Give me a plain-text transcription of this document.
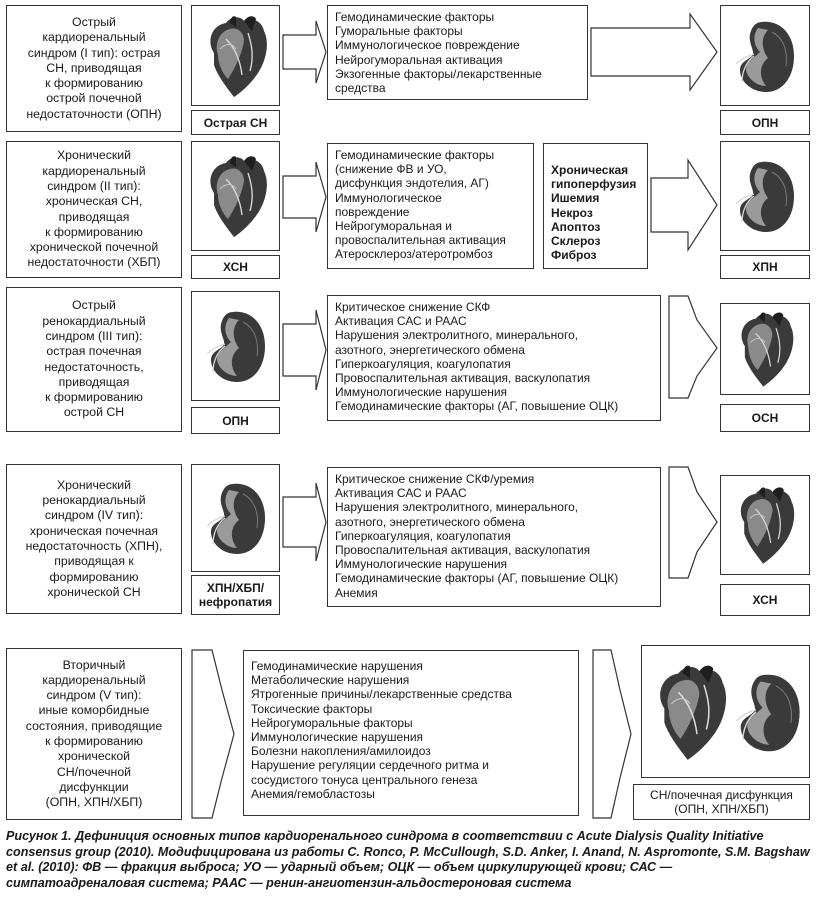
Острый
кардиоренальный
синдром (I тип): острая
СН, приводящая
к формированию
острой почечной
недостаточности (ОПН)
Острая СН
Гемодинамические факторы
Гуморальные факторы
Иммунологическое повреждение
Нейрогуморальная активация
Экзогенные факторы/лекарственные
средства
ОПН
Хронический
кардиоренальный
синдром (II тип):
хроническая СН,
приводящая
к формированию
хронической почечной
недостаточности (ХБП)	ХСН
Гемодинамические факторы
(снижение ФВ и УО,
дисфункция эндотелия, АГ)
Иммунологическое
повреждение
Нейрогуморальная и
провоспалительная активация
Атеросклероз/атеротромбоз
Хроническая
гипоперфузия
Ишемия
Некроз
Апоптоз
Склероз
Фиброз
ХПН
Острый
ренокардиальный
синдром (III тип):
острая почечная
недостаточность,
приводящая
к формированию
острой СН
ОПН
Критическое снижение СКФ
Активация САС и РААС
Нарушения электролитного, минерального,
азотного, энергетического обмена
Гиперкоагуляция, коагулопатия
Провоспалительная активация, васкулопатия
Иммунологические нарушения
Гемодинамические факторы (АГ, повышение ОЦК)
ОСН
Хронический
ренокардиальный
синдром (IV тип):
хроническая почечная
недостаточность (ХПН),
приводящая к
формированию
хронической СН	ХПН/ХБП/
нефропатия
Критическое снижение СКФ/уремия
Активация САС и РААС
Нарушения электролитного, минерального,
азотного, энергетического обмена
Гиперкоагуляция, коагулопатия
Провоспалительная активация, васкулопатия
Иммунологические нарушения
Гемодинамические факторы (АГ, повышение ОЦК)
Анемия
ХСН
Вторичный
кардиоренальный
синдром (V тип):
иные коморбидные
состояния, приводящие
к формированию
хронической
СН/почечной
дисфункции
(ОПН, ХПН/ХБП)
Гемодинамические нарушения
Метаболические нарушения
Ятрогенные причины/лекарственные средства
Токсические факторы
Нейрогуморальные факторы
Иммунологические нарушения
Болезни накопления/амилоидоз
Нарушение регуляции сердечного ритма и
сосудистого тонуса центрального генеза
Анемия/гемобластозы	СН/почечная дисфункция
(ОПН, ХПН/ХБП)
Рисунок 1. Дефиниция основных типов кардиоренального синдрома в соответствии с Acute Dialysis Quality Initiative consensus group (2010). Модифицирована из работы C. Ronco, P. McCullough, S.D. Anker, I. Anand, N. Aspromonte, S.M. Bagshaw et al. (2010): ФВ — фракция выброса; УО — ударный объем; ОЦК — объем циркулирующей крови; САС — симпатоадреналовая система; РААС — ренин-ангиотензин-альдостероновая система
